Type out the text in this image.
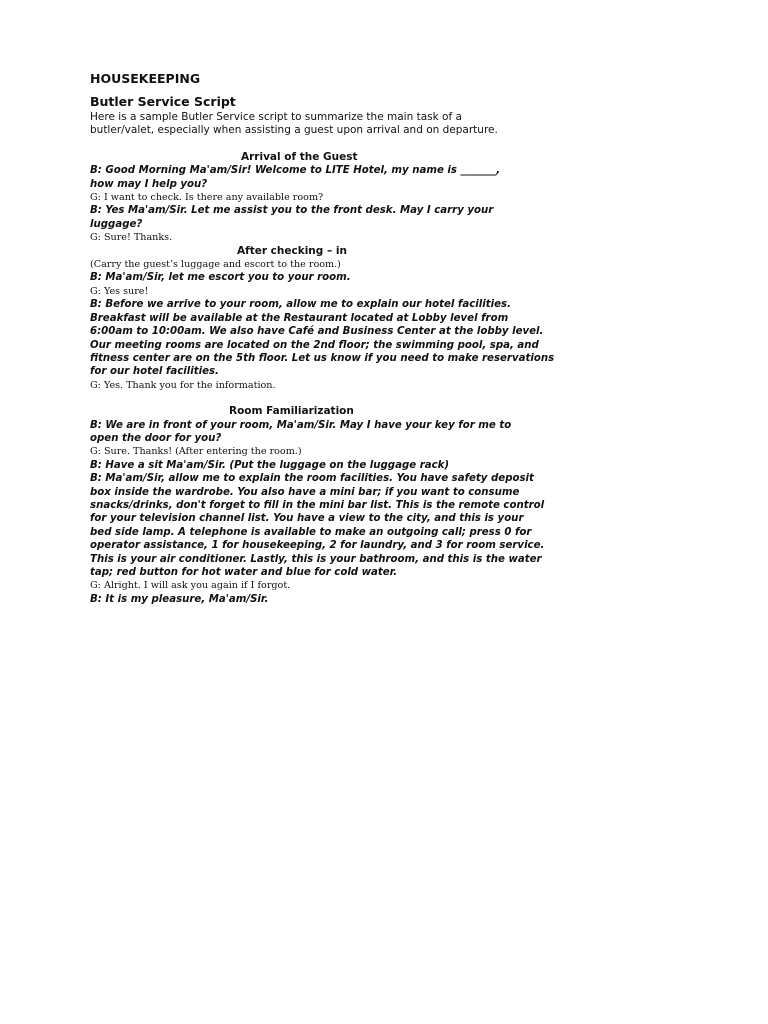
HOUSEKEEPING
Butler Service Script
Here is a sample Butler Service script to summarize the main task of a
butler/valet, especially when assisting a guest upon arrival and on departure.
Arrival of the Guest
B: Good Morning Ma'am/Sir! Welcome to LITE Hotel, my name is _______,
how may I help you?
G: I want to check. Is there any available room?
B: Yes Ma'am/Sir. Let me assist you to the front desk. May I carry your
luggage?
G: Sure! Thanks.
After checking – in
(Carry the guest’s luggage and escort to the room.)
B: Ma'am/Sir, let me escort you to your room.
G: Yes sure!
B: Before we arrive to your room, allow me to explain our hotel facilities.
Breakfast will be available at the Restaurant located at Lobby level from
6:00am to 10:00am. We also have Café and Business Center at the lobby level.
Our meeting rooms are located on the 2nd floor; the swimming pool, spa, and
fitness center are on the 5th floor. Let us know if you need to make reservations
for our hotel facilities.
G: Yes. Thank you for the information.
Room Familiarization
B: We are in front of your room, Ma'am/Sir. May I have your key for me to
open the door for you?
G: Sure. Thanks! (After entering the room.)
B: Have a sit Ma'am/Sir. (Put the luggage on the luggage rack)
B: Ma'am/Sir, allow me to explain the room facilities. You have safety deposit
box inside the wardrobe. You also have a mini bar; if you want to consume
snacks/drinks, don't forget to fill in the mini bar list. This is the remote control
for your television channel list. You have a view to the city, and this is your
bed side lamp. A telephone is available to make an outgoing call; press 0 for
operator assistance, 1 for housekeeping, 2 for laundry, and 3 for room service.
This is your air conditioner. Lastly, this is your bathroom, and this is the water
tap; red button for hot water and blue for cold water.
G: Alright. I will ask you again if I forgot.
B: It is my pleasure, Ma'am/Sir.
